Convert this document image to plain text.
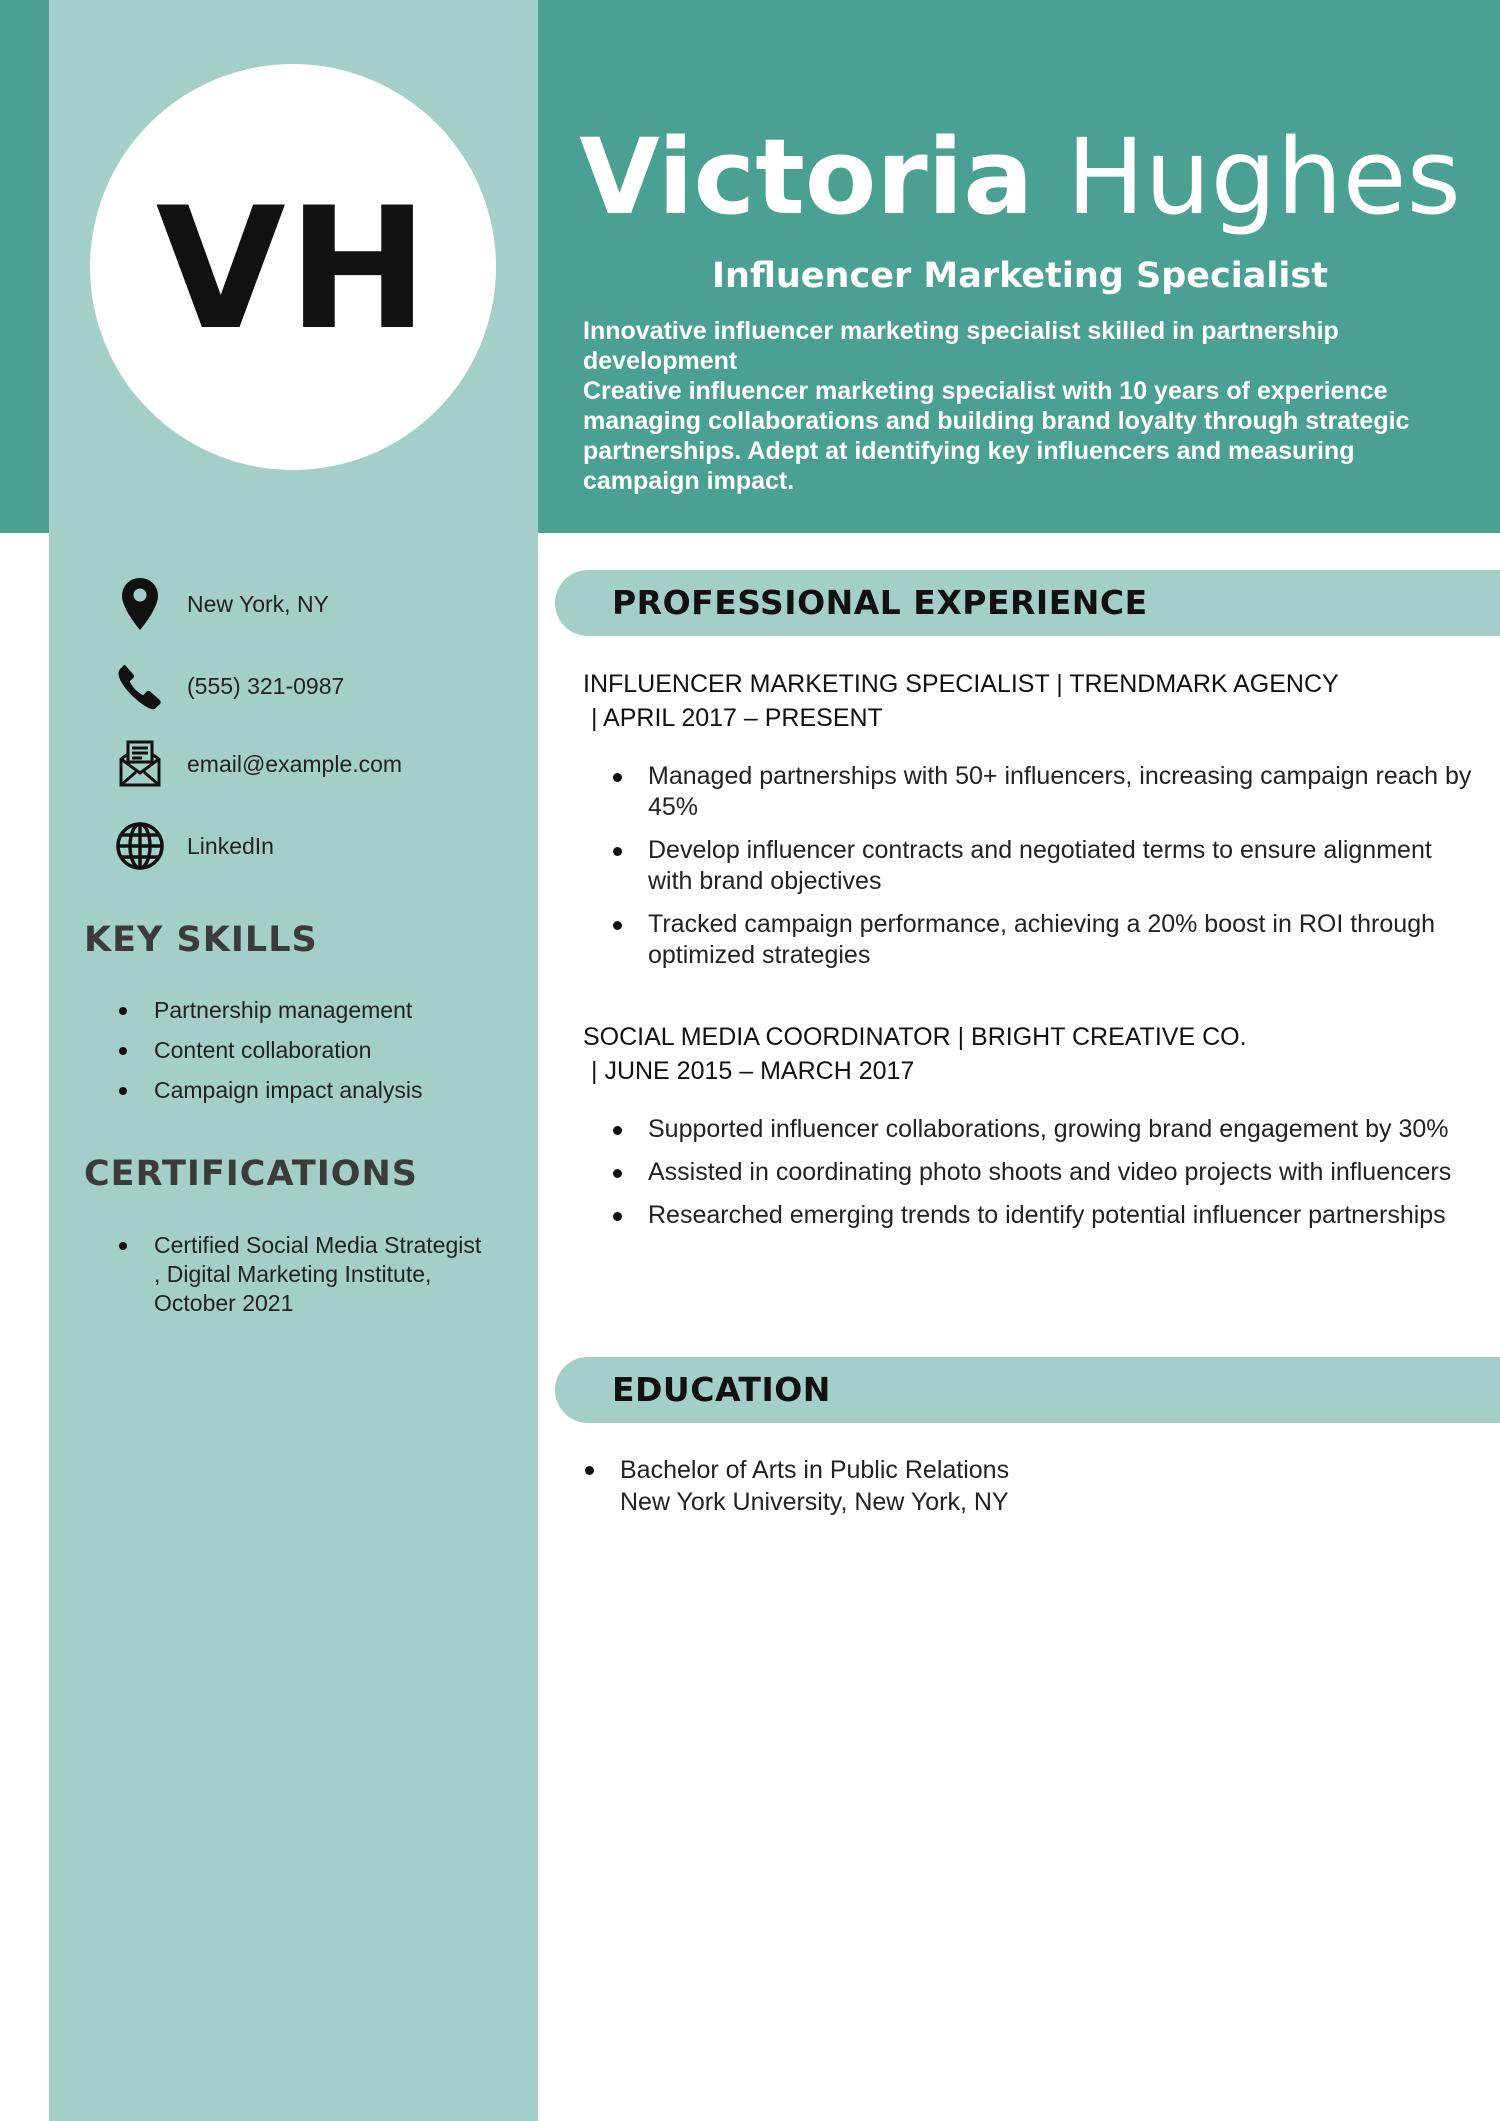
VH	Victoria Hughes
Influencer Marketing Specialist

Innovative influencer marketing specialist skilled in partnership development

Creative influencer marketing specialist with 10 years of experience managing collaborations and building brand loyalty through strategic partnerships. Adept at identifying key influencers and measuring campaign impact.

New York, NY
(555) 321-0987
email@example.com
LinkedIn
KEY SKILLS
Partnership management
Content collaboration
Campaign impact analysis
CERTIFICATIONS
Certified Social Media Strategist , Digital Marketing Institute, October 2021
PROFESSIONAL EXPERIENCE
INFLUENCER MARKETING SPECIALIST | TRENDMARK AGENCY
| APRIL 2017 – PRESENT
Managed partnerships with 50+ influencers, increasing campaign reach by 45%
Develop influencer contracts and negotiated terms to ensure alignment with brand objectives
Tracked campaign performance, achieving a 20% boost in ROI through optimized strategies
SOCIAL MEDIA COORDINATOR | BRIGHT CREATIVE CO.
| JUNE 2015 – MARCH 2017
Supported influencer collaborations, growing brand engagement by 30%
Assisted in coordinating photo shoots and video projects with influencers
Researched emerging trends to identify potential influencer partnerships
EDUCATION
Bachelor of Arts in Public Relations
New York University, New York, NY
